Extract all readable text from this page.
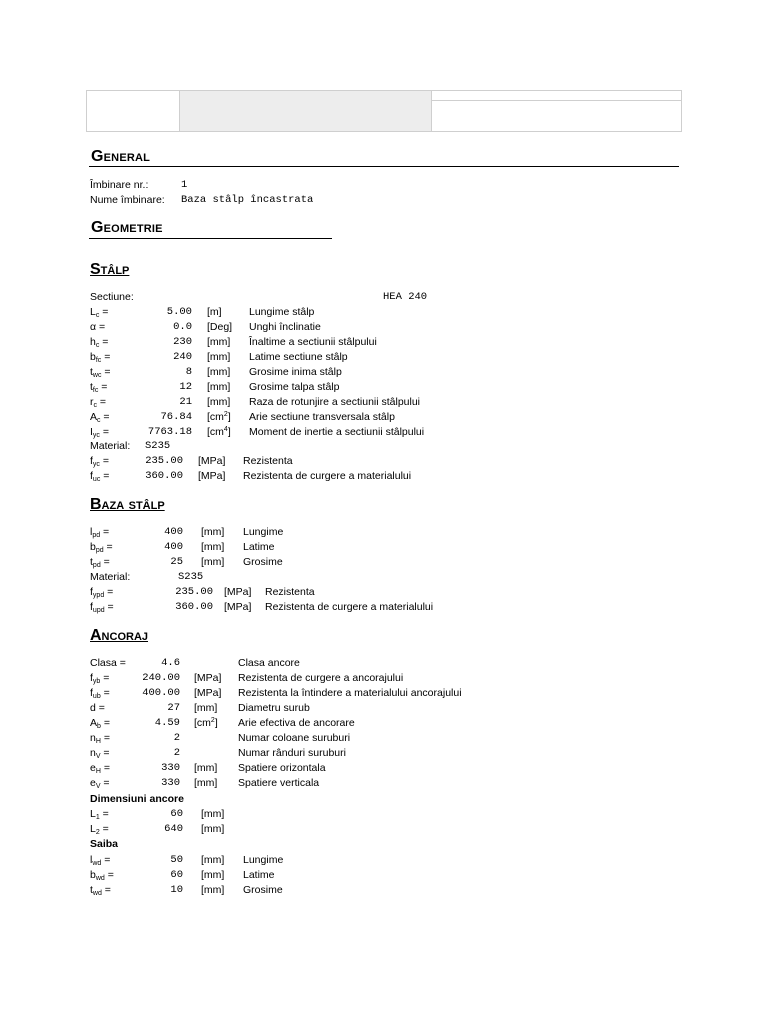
General
Îmbinare nr.:	1
Nume îmbinare: Baza stâlp încastrata
Geometrie
Stâlp
Sectiune:	HEA 240
$L_c$ =	5.00 [m]	Lungime stâlp
α =	0.0 [Deg] Unghi înclinatie
$h_c$ =	230 [mm] Înaltime a sectiunii stâlpului
$b_{fc}$ =	240 [mm] Latime sectiune stâlp
$t_{wc}$ =	8 [mm] Grosime inima stâlp
$t_{fc}$ =	12 [mm] Grosime talpa stâlp
$r_c$ =	21 [mm] Raza de rotunjire a sectiunii stâlpului
$A_c$ =	76.84 $[cm^2]$ Arie sectiune transversala stâlp
$I_{yc}$ =	7763.18 $[cm^4]$ Moment de inertie a sectiunii stâlpului
Material: S235
$f_{yc}$ =	235.00 [MPa] Rezistenta
$f_{uc}$ =	360.00 [MPa] Rezistenta de curgere a materialului
Baza stâlp
$l_{pd}$ =	400 [mm] Lungime
$b_{pd}$ =	400 [mm] Latime
$t_{pd}$ =	25 [mm] Grosime
Material:	S235
$f_{ypd}$ =	235.00 [MPa] Rezistenta
$f_{upd}$ =	360.00 [MPa] Rezistenta de curgere a materialului
Ancoraj
Clasa =	4.6	Clasa ancore
$f_{yb}$ =	240.00 [MPa] Rezistenta de curgere a ancorajului
$f_{ub}$ =	400.00 [MPa] Rezistenta la întindere a materialului ancorajului
d =	27 [mm] Diametru surub
$A_b$ =	4.59 $[cm^2]$ Arie efectiva de ancorare
$n_H$ =	2	Numar coloane suruburi
$n_V$ =	2	Numar rânduri suruburi
$e_H$ =	330 [mm] Spatiere orizontala
$e_V$ =	330 [mm] Spatiere verticala
Dimensiuni ancore
$L_1$ =	60 [mm]
$L_2$ =	640 [mm]
Saiba
$l_{wd}$ =	50 [mm] Lungime
$b_{wd}$ =	60 [mm] Latime
$t_{wd}$ =	10 [mm] Grosime
